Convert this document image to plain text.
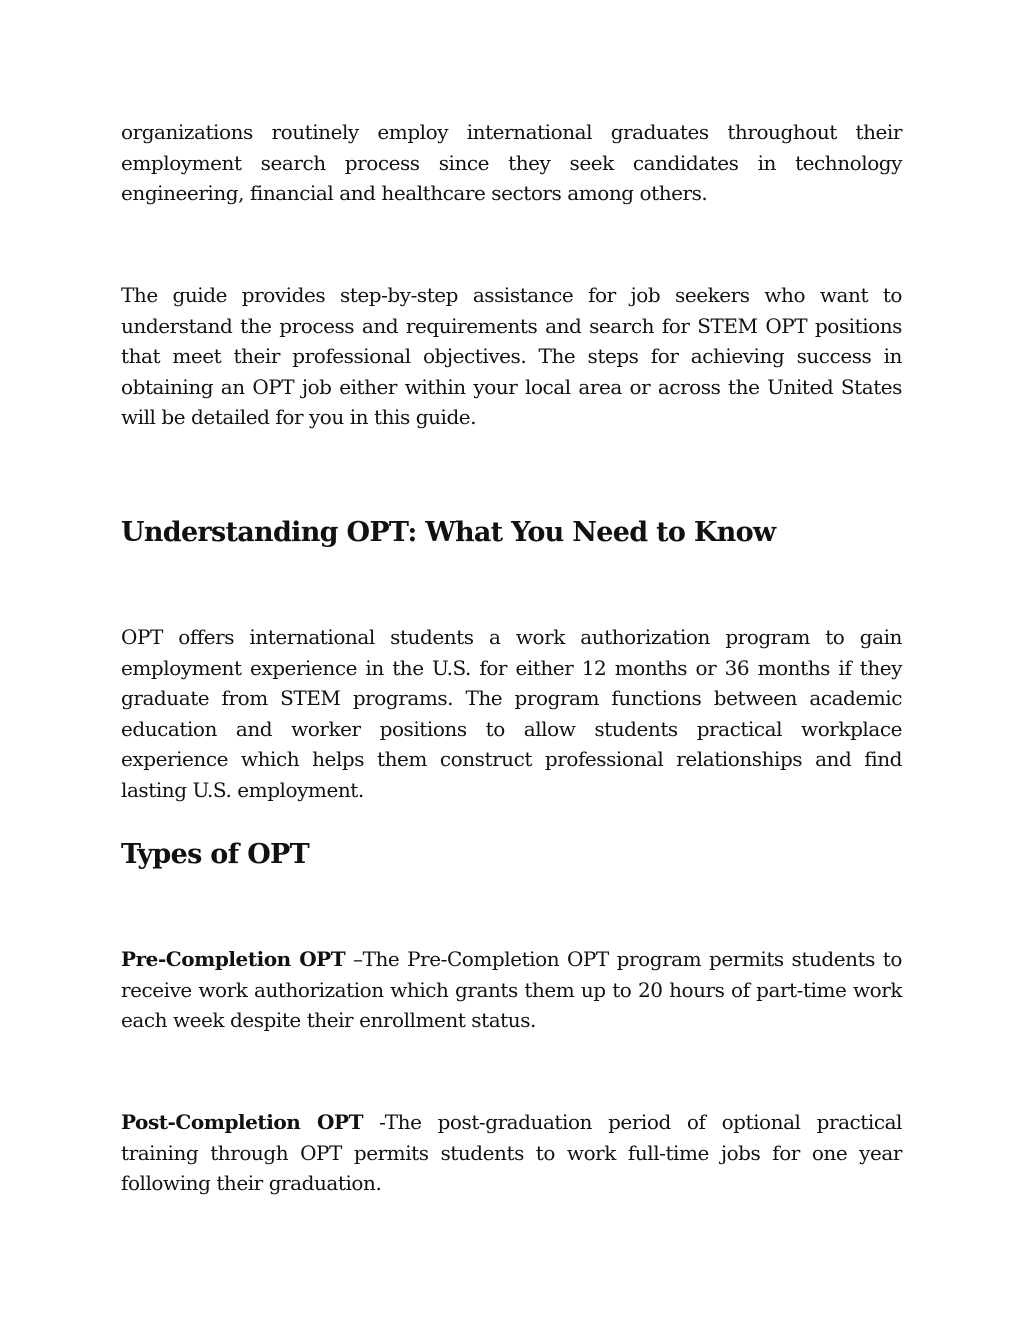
organizations routinely employ international graduates throughout their employment search process since they seek candidates in technology engineering, financial and healthcare sectors among others.

The guide provides step-by-step assistance for job seekers who want to understand the process and requirements and search for STEM OPT positions that meet their professional objectives. The steps for achieving success in obtaining an OPT job either within your local area or across the United States will be detailed for you in this guide.

Understanding OPT: What You Need to Know

OPT offers international students a work authorization program to gain employment experience in the U.S. for either 12 months or 36 months if they graduate from STEM programs. The program functions between academic education and worker positions to allow students practical workplace experience which helps them construct professional relationships and find lasting U.S. employment.

Types of OPT

Pre-Completion OPT –The Pre-Completion OPT program permits students to receive work authorization which grants them up to 20 hours of part-time work each week despite their enrollment status.

Post-Completion OPT -The post-graduation period of optional practical training through OPT permits students to work full-time jobs for one year following their graduation.
